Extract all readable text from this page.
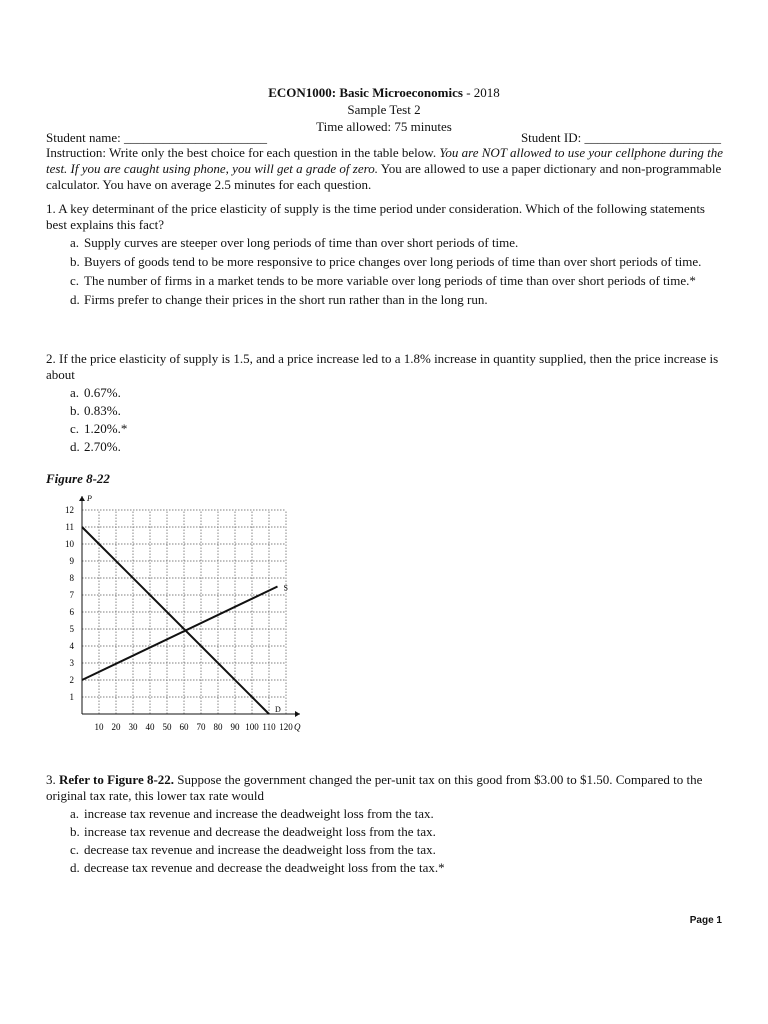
ECON1000: Basic Microeconomics - 2018
Sample Test 2
Time allowed: 75 minutes
Student name: ______________________	Student ID: _____________________
Instruction: Write only the best choice for each question in the table below. You are NOT allowed to use your cellphone during the test. If you are caught using phone, you will get a grade of zero. You are allowed to use a paper dictionary and non-programmable calculator. You have on average 2.5 minutes for each question.

1. A key determinant of the price elasticity of supply is the time period under consideration. Which of the following statements best explains this fact?

a. Supply curves are steeper over long periods of time than over short periods of time.
b. Buyers of goods tend to be more responsive to price changes over long periods of time than over short periods of time.
c. The number of firms in a market tends to be more variable over long periods of time than over short periods of time.*
d. Firms prefer to change their prices in the short run rather than in the long run.

2. If the price elasticity of supply is 1.5, and a price increase led to a 1.8% increase in quantity supplied, then the price increase is about

a. 0.67%.
b. 0.83%.
c. 1.20%.*
d. 2.70%.
Figure 8-22
10 20 30 40 50 60 70 80 90 100 110 120
1
2
3
4
5
6
7
8
9
10
11
12
P
Q
D
S

3. Refer to Figure 8-22. Suppose the government changed the per-unit tax on this good from $3.00 to $1.50. Compared to the original tax rate, this lower tax rate would

a. increase tax revenue and increase the deadweight loss from the tax.
b. increase tax revenue and decrease the deadweight loss from the tax.
c. decrease tax revenue and increase the deadweight loss from the tax.
d. decrease tax revenue and decrease the deadweight loss from the tax.*
Page 1
